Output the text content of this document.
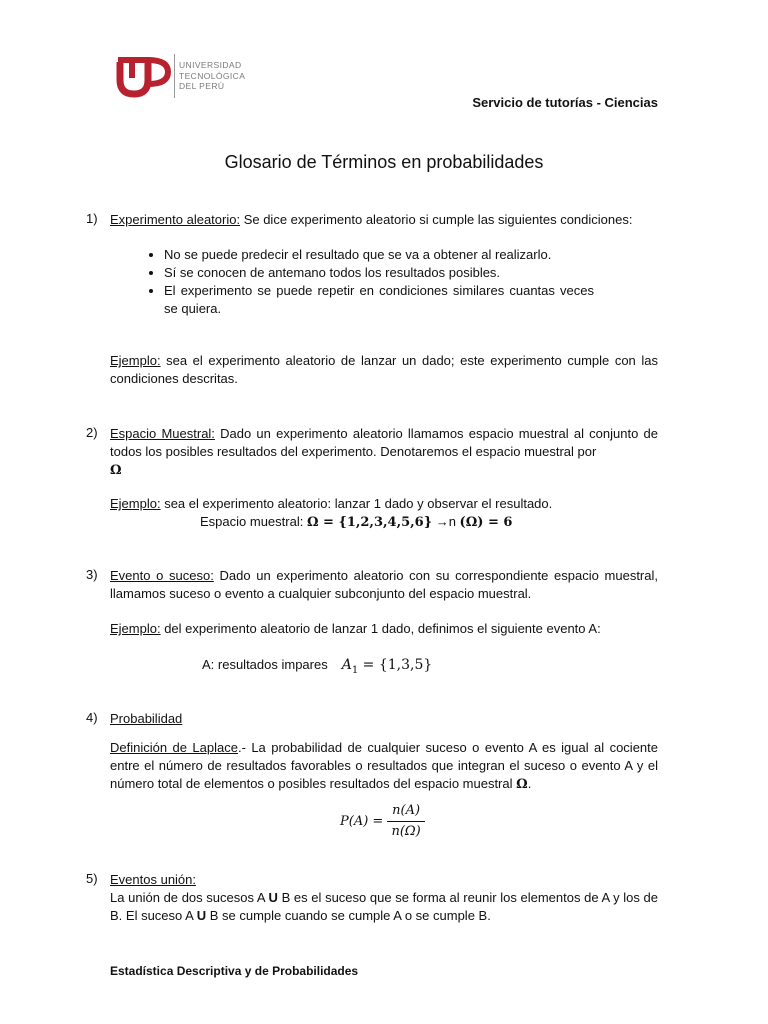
UNIVERSIDAD
TECNOLÓGICA
DEL PERÚ
Servicio de tutorías - Ciencias
Glosario de Términos en probabilidades
1) Experimento aleatorio: Se dice experimento aleatorio si cumple las siguientes condiciones:

• No se puede predecir el resultado que se va a obtener al realizarlo.
• Sí se conocen de antemano todos los resultados posibles.
• El experimento se puede repetir en condiciones similares cuantas veces se quiera.

Ejemplo: sea el experimento aleatorio de lanzar un dado; este experimento cumple con las condiciones descritas.

2) Espacio Muestral: Dado un experimento aleatorio llamamos espacio muestral al conjunto de todos los posibles resultados del experimento. Denotaremos el espacio muestral por
Ω

Ejemplo: sea el experimento aleatorio: lanzar 1 dado y observar el resultado.

Espacio muestral: Ω = {1,2,3,4,5,6} →n (Ω) = 6
3) Evento o suceso: Dado un experimento aleatorio con su correspondiente espacio muestral, llamamos suceso o evento a cualquier subconjunto del espacio muestral.

Ejemplo: del experimento aleatorio de lanzar 1 dado, definimos el siguiente evento A:

A: resultados impares $A_1 = \{1,3,5\}$
4) Probabilidad

Definición de Laplace.- La probabilidad de cualquier suceso o evento A es igual al cociente entre el número de resultados favorables o resultados que integran el suceso o evento A y el número total de elementos o posibles resultados del espacio muestral Ω.

$P(A) = \frac{n(A)}{n(\Omega)}$
5) Eventos unión:

La unión de dos sucesos A U B es el suceso que se forma al reunir los elementos de A y los de B. El suceso A U B se cumple cuando se cumple A o se cumple B.

Estadística Descriptiva y de Probabilidades
